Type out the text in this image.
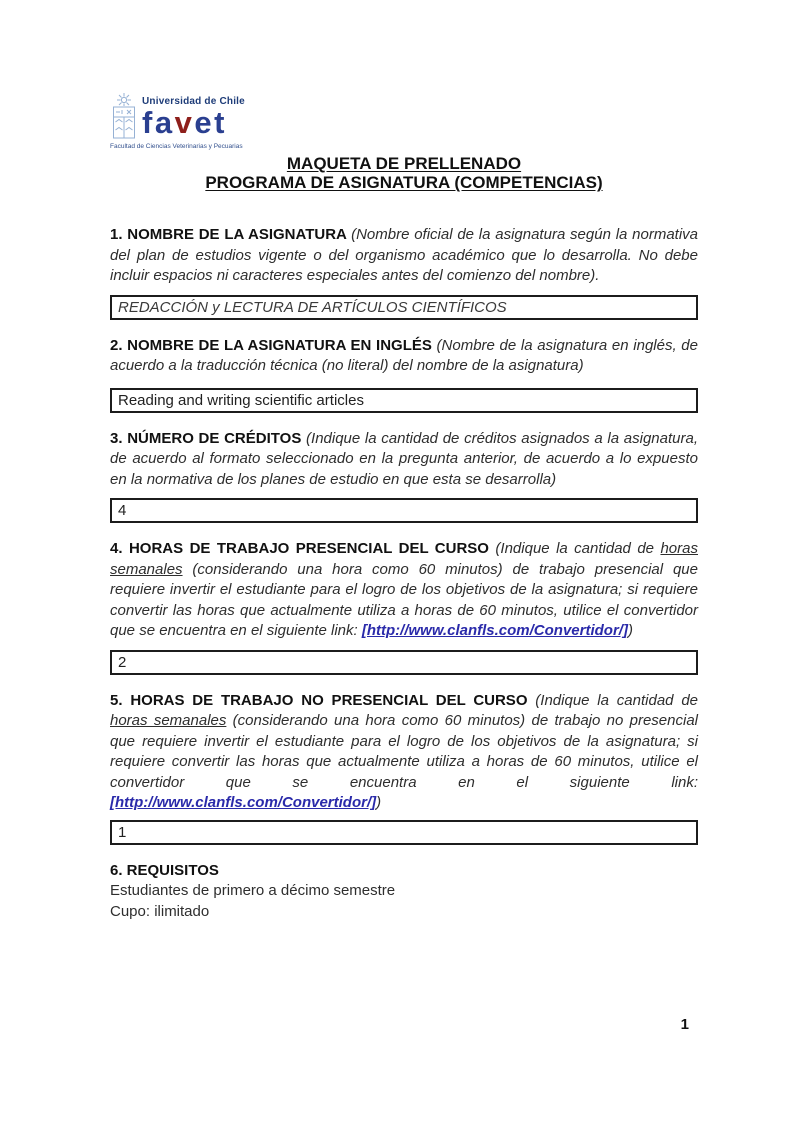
Universidad de Chile
favet
Facultad de Ciencias Veterinarias y Pecuarias
MAQUETA DE PRELLENADO
PROGRAMA DE ASIGNATURA (COMPETENCIAS)

1. NOMBRE DE LA ASIGNATURA (Nombre oficial de la asignatura según la normativa del plan de estudios vigente o del organismo académico que lo desarrolla. No debe incluir espacios ni caracteres especiales antes del comienzo del nombre).

REDACCIÓN y LECTURA DE ARTÍCULOS CIENTÍFICOS

2. NOMBRE DE LA ASIGNATURA EN INGLÉS (Nombre de la asignatura en inglés, de acuerdo a la traducción técnica (no literal) del nombre de la asignatura)

Reading and writing scientific articles

3. NÚMERO DE CRÉDITOS (Indique la cantidad de créditos asignados a la asignatura, de acuerdo al formato seleccionado en la pregunta anterior, de acuerdo a lo expuesto en la normativa de los planes de estudio en que esta se desarrolla)

4

4. HORAS DE TRABAJO PRESENCIAL DEL CURSO (Indique la cantidad de horas semanales (considerando una hora como 60 minutos) de trabajo presencial que requiere invertir el estudiante para el logro de los objetivos de la asignatura; si requiere convertir las horas que actualmente utiliza a horas de 60 minutos, utilice el convertidor que se encuentra en el siguiente link: [http://www.clanfls.com/Convertidor/])

2

5. HORAS DE TRABAJO NO PRESENCIAL DEL CURSO (Indique la cantidad de horas semanales (considerando una hora como 60 minutos) de trabajo no presencial que requiere invertir el estudiante para el logro de los objetivos de la asignatura; si requiere convertir las horas que actualmente utiliza a horas de 60 minutos, utilice el convertidor que se encuentra en el siguiente link: [http://www.clanfls.com/Convertidor/])

1

6. REQUISITOS

Estudiantes de primero a décimo semestre

Cupo: ilimitado

1
